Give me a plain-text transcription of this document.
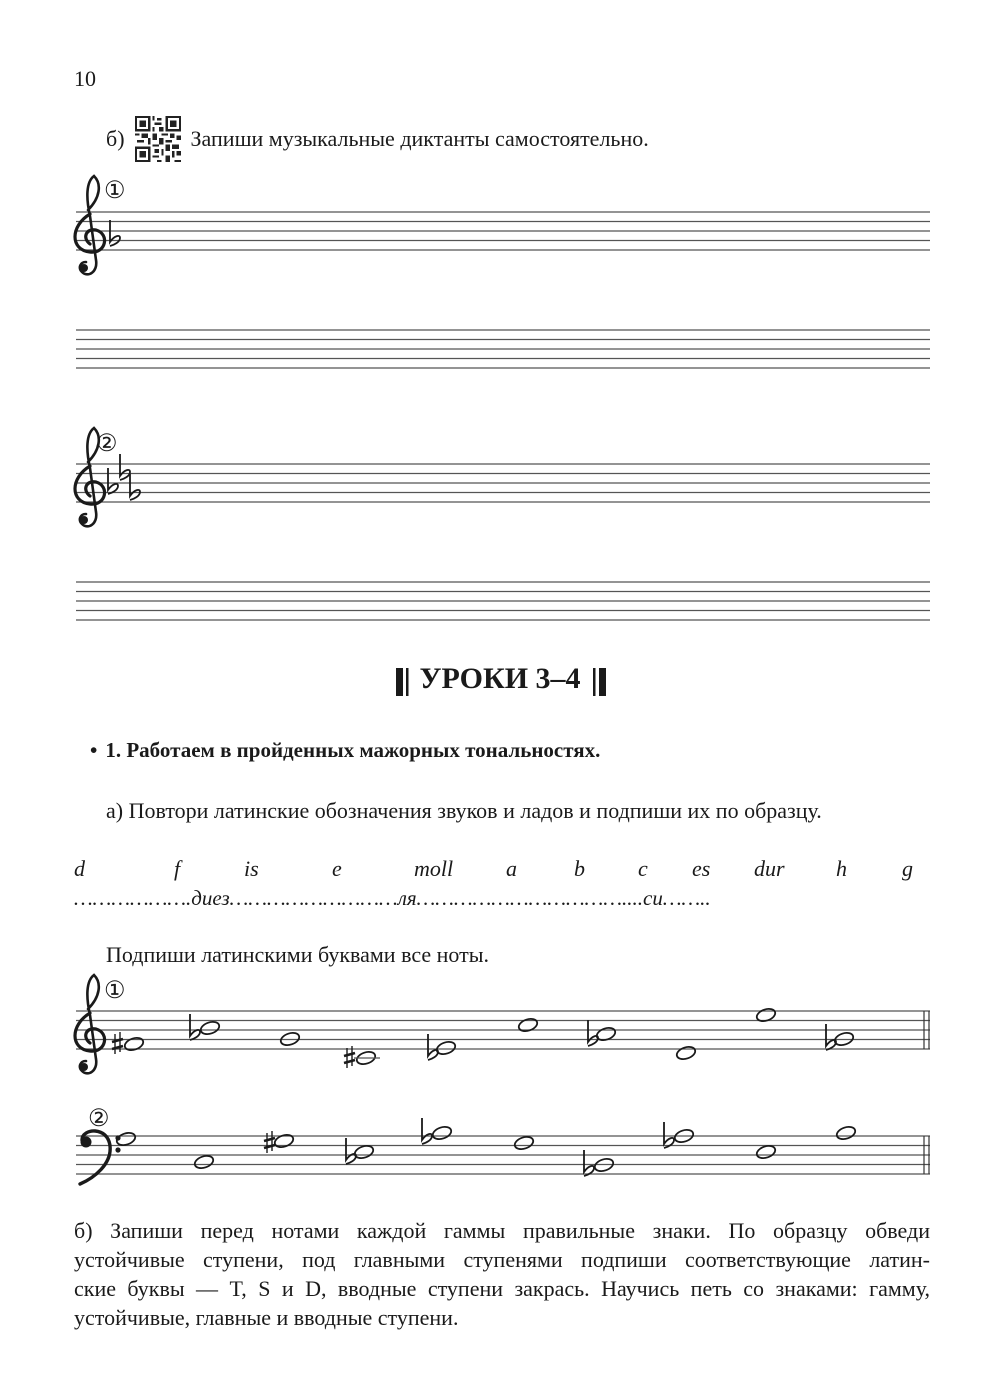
10
б)	Запиши музыкальные диктанты самостоятельно.
①
②
①
②
УРОКИ 3–4
• 1. Работаем в пройденных мажорных тональностях.
а) Повтори латинские обозначения звуков и ладов и подпиши их по образцу.
d	f	is	e	moll a	b c es dur h	g
……………….диез………………………ля……………………………....си……..
Подпиши латинскими буквами все ноты.
б) Запиши перед нотами каждой гаммы правильные знаки. По образцу обведи
устойчивые ступени, под главными ступенями подпиши соответствующие латин-
ские буквы — T, S и D, вводные ступени закрась. Научись петь со знаками: гамму,
устойчивые, главные и вводные ступени.
